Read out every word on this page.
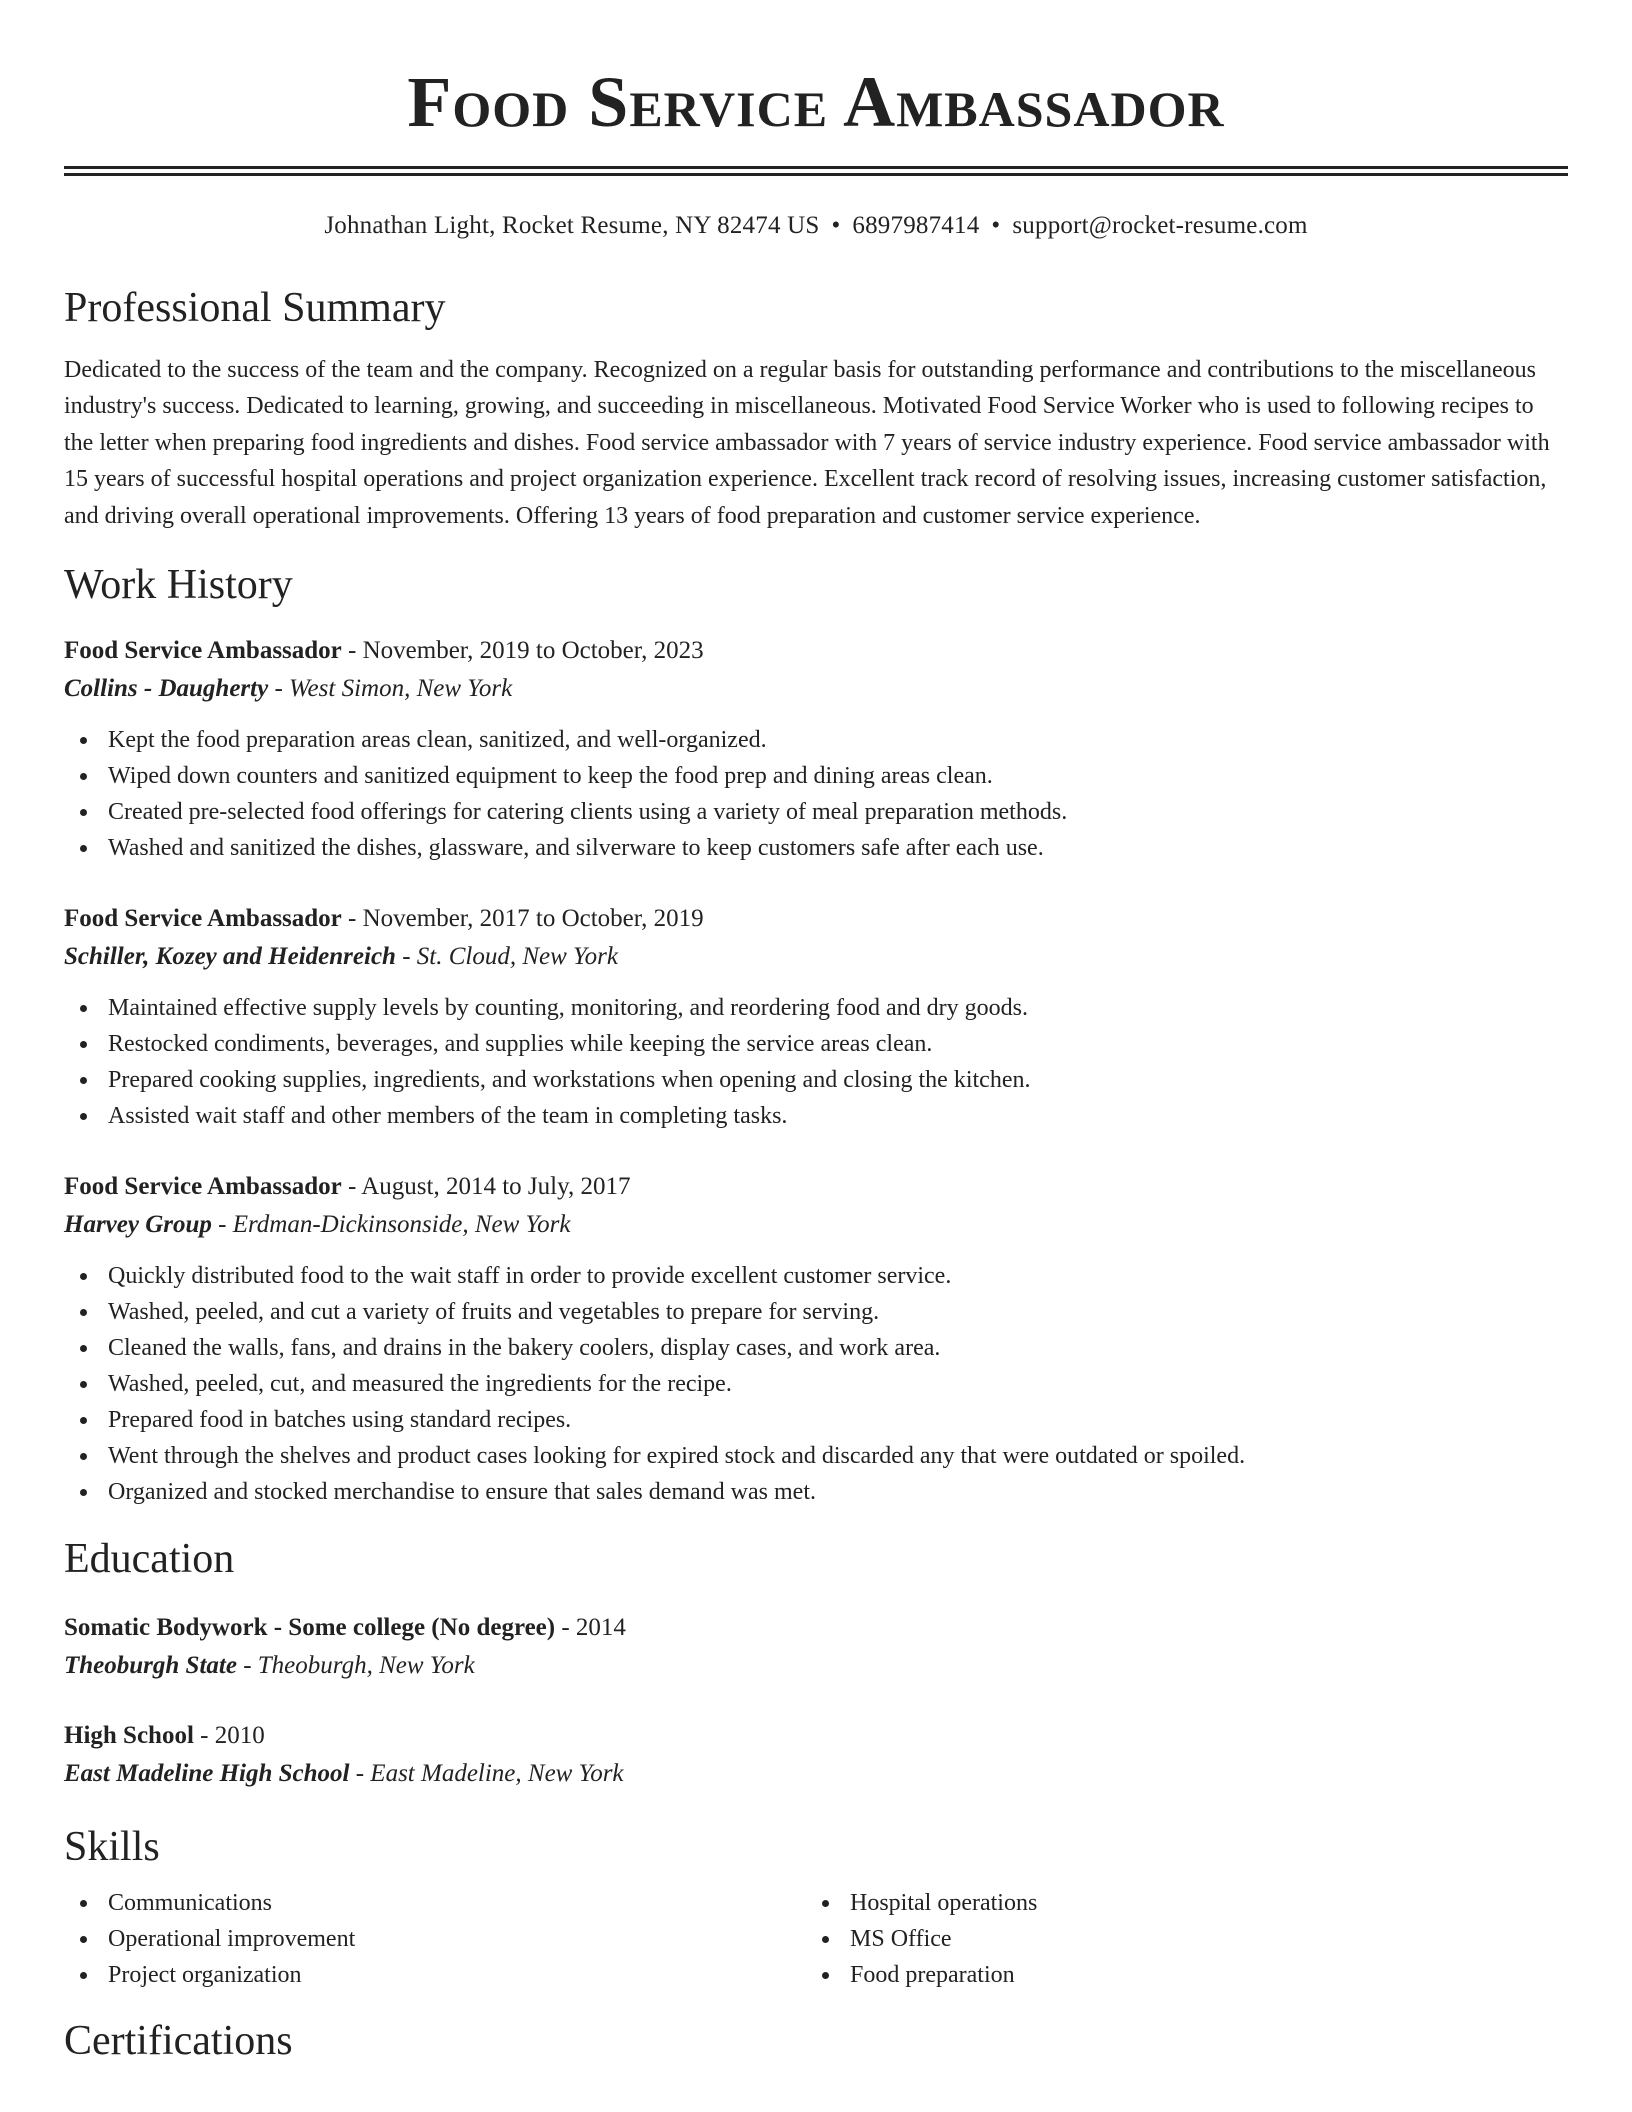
Food Service Ambassador
Johnathan Light, Rocket Resume, NY 82474 US • 6897987414 • support@rocket-resume.com
Professional Summary

Dedicated to the success of the team and the company. Recognized on a regular basis for outstanding performance and contributions to the miscellaneous industry's success. Dedicated to learning, growing, and succeeding in miscellaneous. Motivated Food Service Worker who is used to following recipes to the letter when preparing food ingredients and dishes. Food service ambassador with 7 years of service industry experience. Food service ambassador with 15 years of successful hospital operations and project organization experience. Excellent track record of resolving issues, increasing customer satisfaction, and driving overall operational improvements. Offering 13 years of food preparation and customer service experience.

Work History
Food Service Ambassador - November, 2019 to October, 2023
Collins - Daugherty - West Simon, New York
Kept the food preparation areas clean, sanitized, and well-organized.
Wiped down counters and sanitized equipment to keep the food prep and dining areas clean.
Created pre-selected food offerings for catering clients using a variety of meal preparation methods.
Washed and sanitized the dishes, glassware, and silverware to keep customers safe after each use.
Food Service Ambassador - November, 2017 to October, 2019
Schiller, Kozey and Heidenreich - St. Cloud, New York
Maintained effective supply levels by counting, monitoring, and reordering food and dry goods.
Restocked condiments, beverages, and supplies while keeping the service areas clean.
Prepared cooking supplies, ingredients, and workstations when opening and closing the kitchen.
Assisted wait staff and other members of the team in completing tasks.
Food Service Ambassador - August, 2014 to July, 2017
Harvey Group - Erdman-Dickinsonside, New York
Quickly distributed food to the wait staff in order to provide excellent customer service.
Washed, peeled, and cut a variety of fruits and vegetables to prepare for serving.
Cleaned the walls, fans, and drains in the bakery coolers, display cases, and work area.
Washed, peeled, cut, and measured the ingredients for the recipe.
Prepared food in batches using standard recipes.
Went through the shelves and product cases looking for expired stock and discarded any that were outdated or spoiled.
Organized and stocked merchandise to ensure that sales demand was met.
Education
Somatic Bodywork - Some college (No degree) - 2014
Theoburgh State - Theoburgh, New York
High School - 2010
East Madeline High School - East Madeline, New York
Skills
Communications
Operational improvement
Project organization
Hospital operations
MS Office
Food preparation
Certifications
